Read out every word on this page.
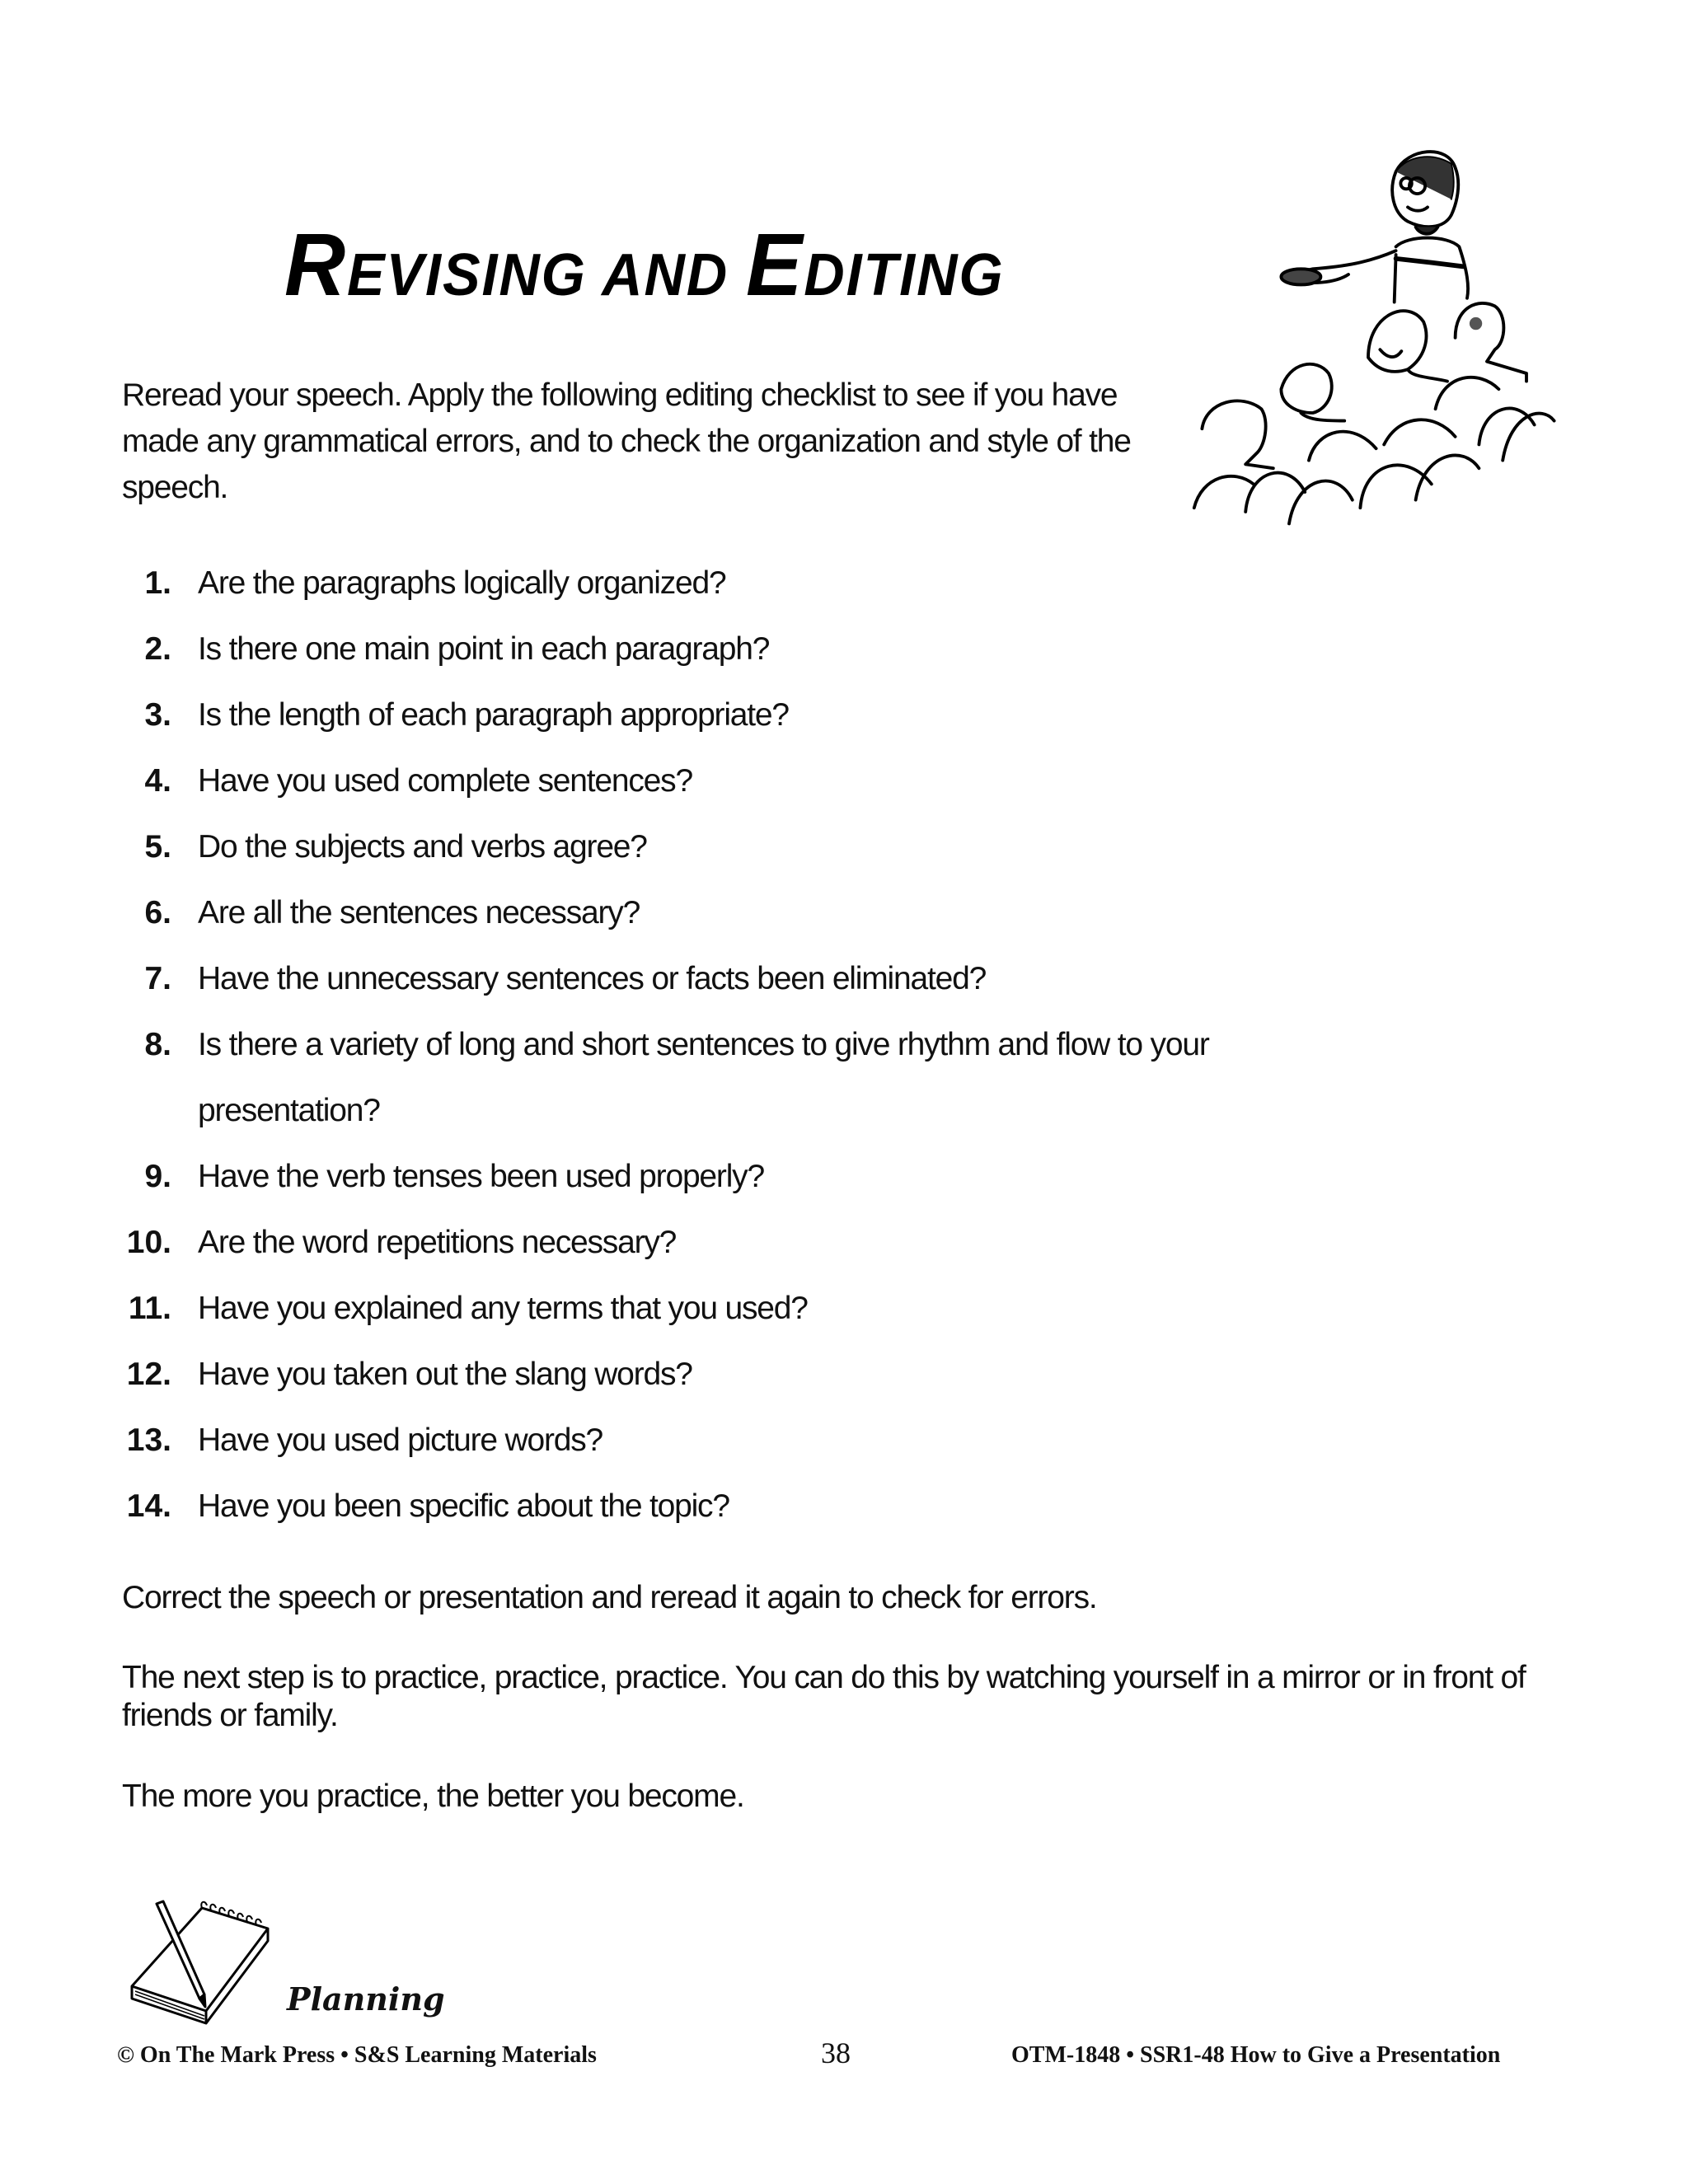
REVISING AND EDITING
Reread your speech. Apply the following editing checklist to see if you have made any grammatical errors, and to check the organization and style of the speech.
1. Are the paragraphs logically organized?
2. Is there one main point in each paragraph?
3. Is the length of each paragraph appropriate?
4. Have you used complete sentences?
5. Do the subjects and verbs agree?
6. Are all the sentences necessary?
7. Have the unnecessary sentences or facts been eliminated?
8. Is there a variety of long and short sentences to give rhythm and flow to your
presentation?
9. Have the verb tenses been used properly?
10. Are the word repetitions necessary?
11. Have you explained any terms that you used?
12. Have you taken out the slang words?
13. Have you used picture words?
14. Have you been specific about the topic?
Correct the speech or presentation and reread it again to check for errors.
The next step is to practice, practice, practice. You can do this by watching yourself in a mirror or in front of friends or family.
The more you practice, the better you become.
Planning
© On The Mark Press • S&S Learning Materials	38	OTM-1848 • SSR1-48 How to Give a Presentation
